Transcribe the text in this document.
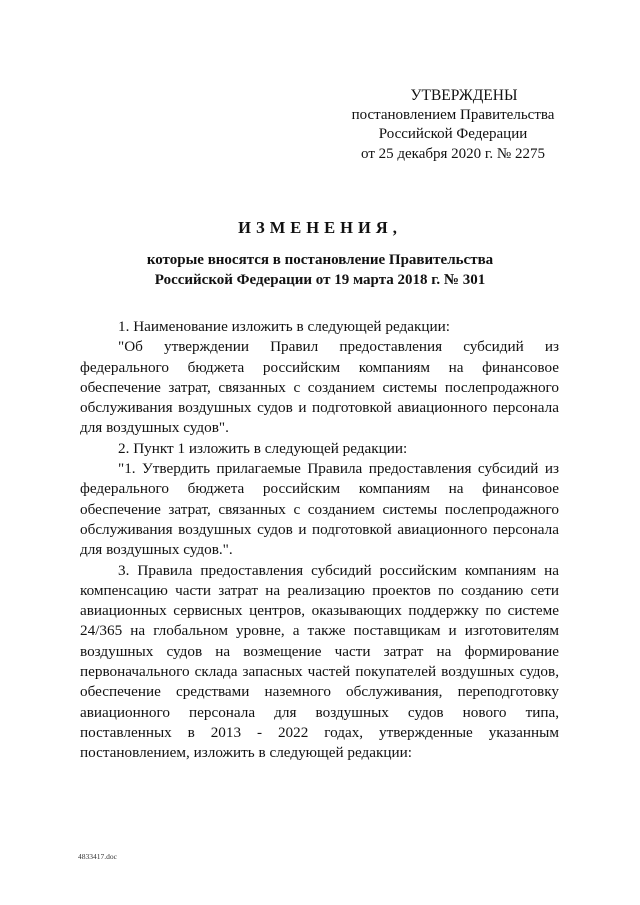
УТВЕРЖДЕНЫ
постановлением Правительства
Российской Федерации
от 25 декабря 2020 г. № 2275
ИЗМЕНЕНИЯ,
которые вносятся в постановление Правительства
Российской Федерации от 19 марта 2018 г. № 301

1. Наименование изложить в следующей редакции:

"Об утверждении Правил предоставления субсидий из федерального бюджета российским компаниям на финансовое обеспечение затрат, связанных с созданием системы послепродажного обслуживания воздушных судов и подготовкой авиационного персонала для воздушных судов".

2. Пункт 1 изложить в следующей редакции:

"1. Утвердить прилагаемые Правила предоставления субсидий из федерального бюджета российским компаниям на финансовое обеспечение затрат, связанных с созданием системы послепродажного обслуживания воздушных судов и подготовкой авиационного персонала для воздушных судов.".

3. Правила предоставления субсидий российским компаниям на компенсацию части затрат на реализацию проектов по созданию сети авиационных сервисных центров, оказывающих поддержку по системе 24/365 на глобальном уровне, а также поставщикам и изготовителям воздушных судов на возмещение части затрат на формирование первоначального склада запасных частей покупателей воздушных судов, обеспечение средствами наземного обслуживания, переподготовку авиационного персонала для воздушных судов нового типа, поставленных в 2013 - 2022 годах, утвержденные указанным постановлением, изложить в следующей редакции:

4833417.doc
